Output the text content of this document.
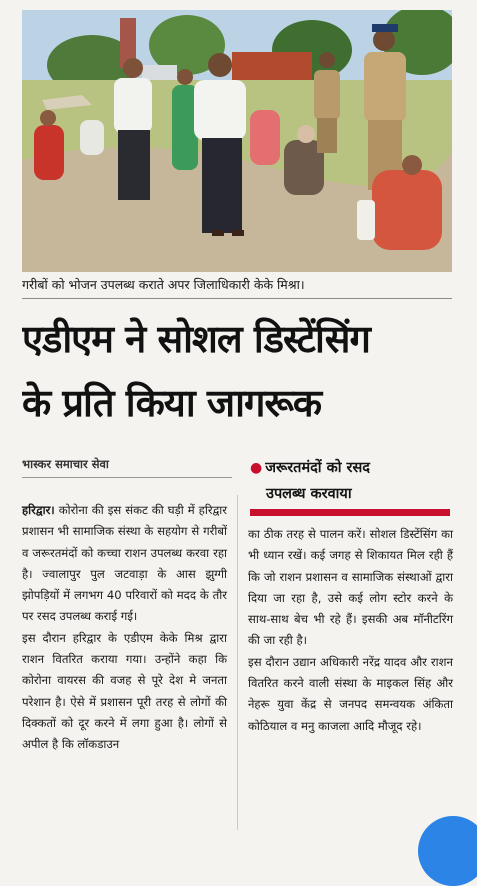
गरीबों को भोजन उपलब्ध कराते अपर जिलाधिकारी केके मिश्रा।
एडीएम ने सोशल डिस्टेंसिंग
के प्रति किया जागरूक
भास्कर समाचार सेवा	● जरूरतमंदों को रसद
उपलब्ध करवाया

हरिद्वार। कोरोना की इस संकट की घड़ी में हरिद्वार प्रशासन भी सामाजिक संस्था के सहयोग से गरीबों व जरूरतमंदों को कच्चा राशन उपलब्ध करवा रहा है। ज्वालापुर पुल जटवाड़ा के आस झुग्गी झोपड़ियों में लगभग 40 परिवारों को मदद के तौर पर रसद उपलब्ध कराई गई।

इस दौरान हरिद्वार के एडीएम केके मिश्र द्वारा राशन वितरित कराया गया। उन्होंने कहा कि कोरोना वायरस की वजह से पूरे देश मे जनता परेशान है। ऐसे में प्रशासन पूरी तरह से लोगों की दिक्कतों को दूर करने में लगा हुआ है। लोगों से अपील है कि लॉकडाउन

का ठीक तरह से पालन करें। सोशल डिस्टेंसिंग का भी ध्यान रखें। कई जगह से शिकायत मिल रही हैं कि जो राशन प्रशासन व सामाजिक संस्थाओं द्वारा दिया जा रहा है, उसे कई लोग स्टोर करने के साथ-साथ बेच भी रहे हैं। इसकी अब मॉनीटरिंग की जा रही है।

इस दौरान उद्यान अधिकारी नरेंद्र यादव और राशन वितरित करने वाली संस्था के माइकल सिंह और नेहरू युवा केंद्र से जनपद समन्वयक अंकिता कोठियाल व मनु काजला आदि मौजूद रहे।
